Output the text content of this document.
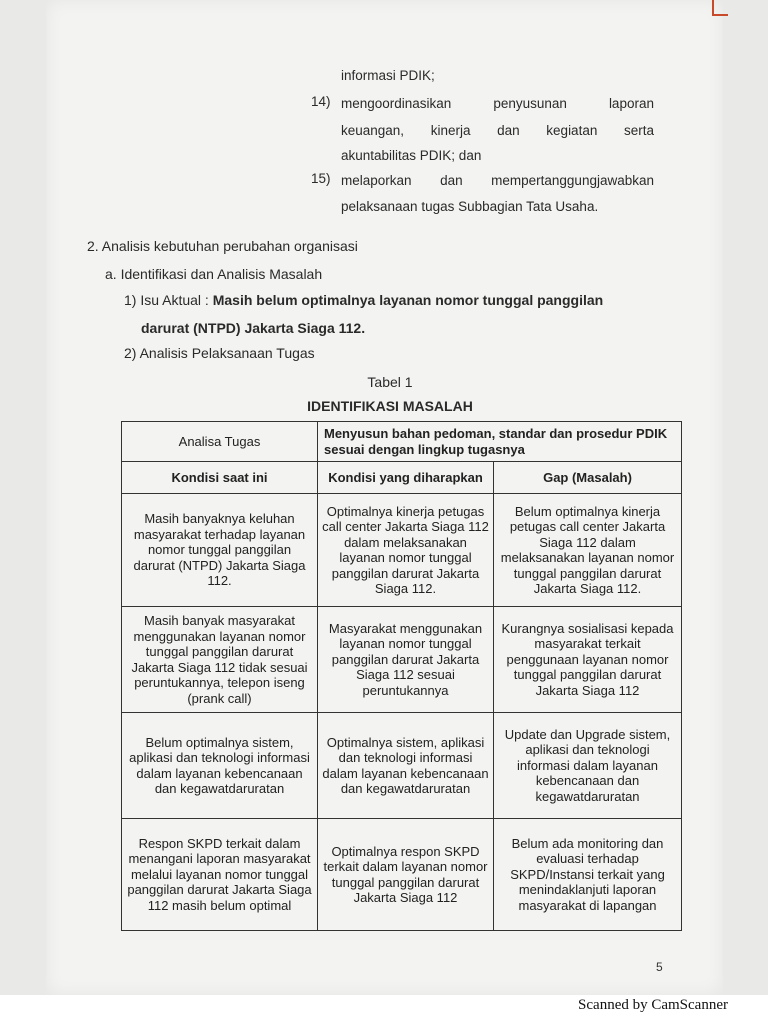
informasi PDIK;
14) mengoordinasikan	penyusunan	laporan
keuangan, kinerja dan kegiatan serta
akuntabilitas PDIK; dan
15) melaporkan dan mempertanggungjawabkan
pelaksanaan tugas Subbagian Tata Usaha.
2. Analisis kebutuhan perubahan organisasi
a. Identifikasi dan Analisis Masalah
1) Isu Aktual : Masih belum optimalnya layanan nomor tunggal panggilan
darurat (NTPD) Jakarta Siaga 112.
2) Analisis Pelaksanaan Tugas
Tabel 1
IDENTIFIKASI MASALAH
Analisa Tugas	Menyusun bahan pedoman, standar dan prosedur PDIK sesuai dengan lingkup tugasnya	
Kondisi saat ini	Kondisi yang diharapkan	Gap (Masalah)
Masih banyaknya keluhan masyarakat terhadap layanan nomor tunggal panggilan darurat (NTPD) Jakarta Siaga 112.	Optimalnya kinerja petugas call center Jakarta Siaga 112 dalam melaksanakan layanan nomor tunggal panggilan darurat Jakarta Siaga 112.	Belum optimalnya kinerja petugas call center Jakarta Siaga 112 dalam melaksanakan layanan nomor tunggal panggilan darurat Jakarta Siaga 112.
Masih banyak masyarakat menggunakan layanan nomor tunggal panggilan darurat Jakarta Siaga 112 tidak sesuai peruntukannya, telepon iseng (prank call)	Masyarakat menggunakan layanan nomor tunggal panggilan darurat Jakarta Siaga 112 sesuai peruntukannya	Kurangnya sosialisasi kepada masyarakat terkait penggunaan layanan nomor tunggal panggilan darurat Jakarta Siaga 112
Belum optimalnya sistem, aplikasi dan teknologi informasi dalam layanan kebencanaan dan kegawatdaruratan	Optimalnya sistem, aplikasi dan teknologi informasi dalam layanan kebencanaan dan kegawatdaruratan	Update dan Upgrade sistem, aplikasi dan teknologi informasi dalam layanan kebencanaan dan kegawatdaruratan
Respon SKPD terkait dalam menangani laporan masyarakat melalui layanan nomor tunggal panggilan darurat Jakarta Siaga 112 masih belum optimal	Optimalnya respon SKPD terkait dalam layanan nomor tunggal panggilan darurat Jakarta Siaga 112	Belum ada monitoring dan evaluasi terhadap SKPD/Instansi terkait yang menindaklanjuti laporan masyarakat di lapangan
5
Scanned by CamScanner
